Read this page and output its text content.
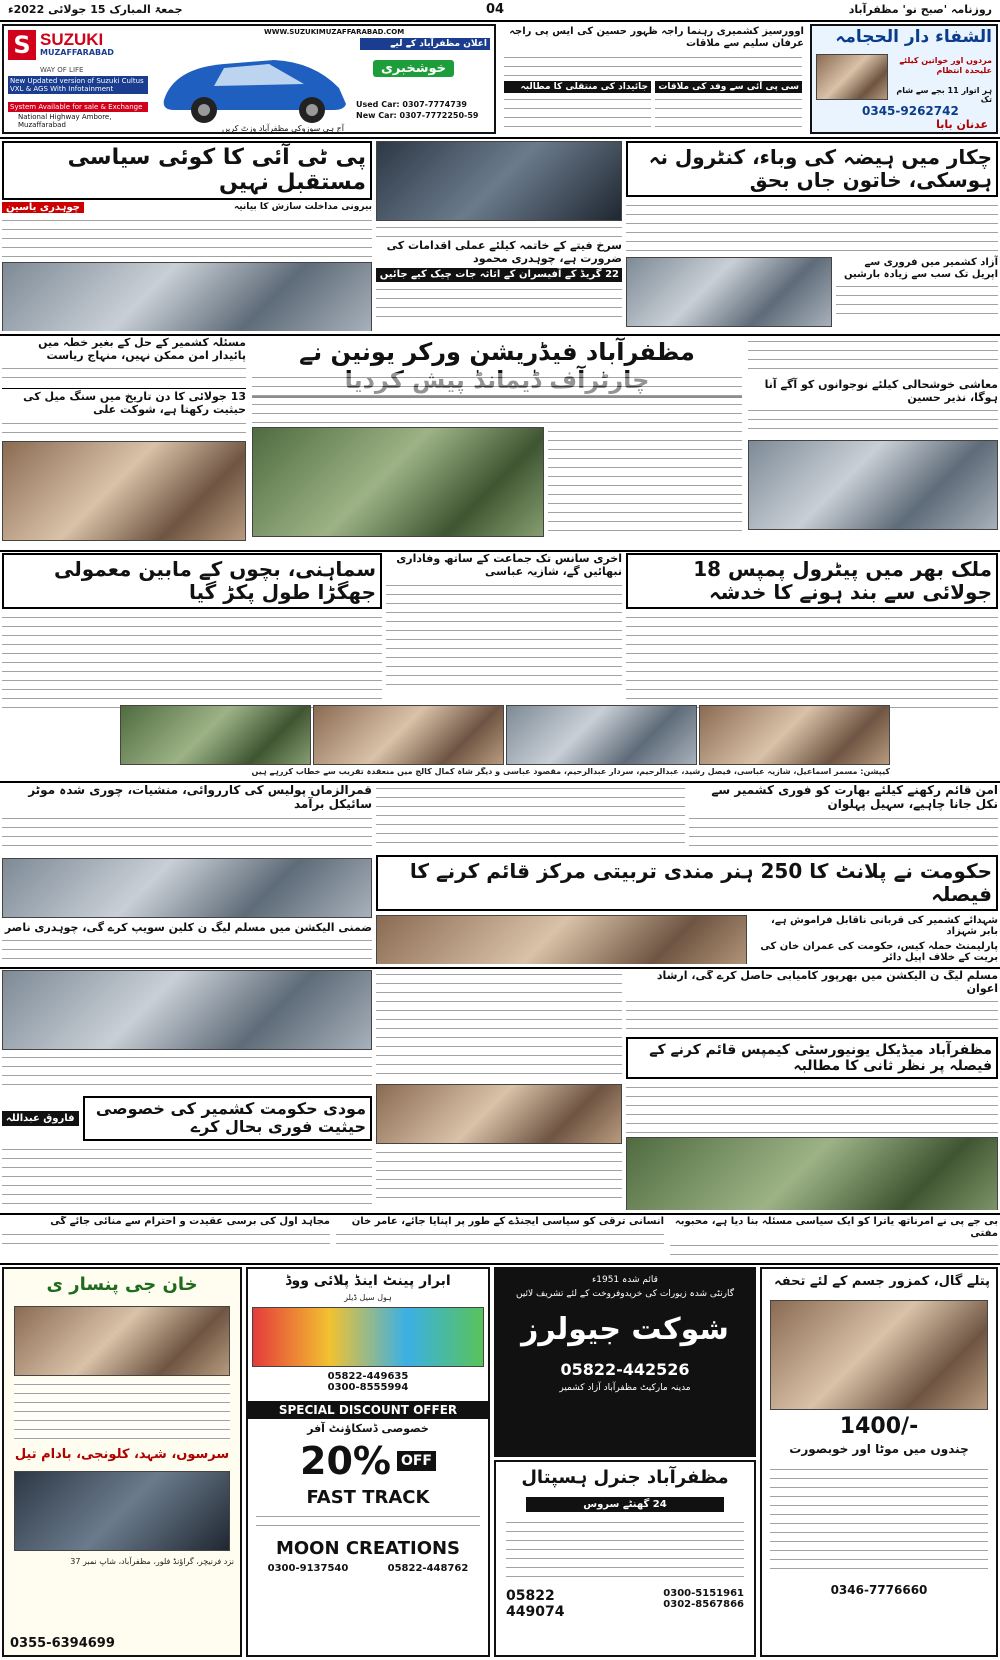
جمعۃ المبارک 15 جولائی 2022ء	04	روزنامہ 'صبح نو' مظفرآباد
S SUZUKI
MUZAFFARABAD
WAY OF LIFE
New Updated version of Suzuki Cultus VXL & AGS With Infotainment
System Available for sale & Exchange
National Highway Ambore, Muzaffarabad
WWW.SUZUKIMUZAFFARABAD.COM
اعلان مظفرآباد کے لیے
خوشخبری
Used Car: 0307-7774739
New Car: 0307-7772250-59
آج ہی سوزوکی مظفرآباد وزٹ کریں
اوورسیز کشمیری رہنما راجہ ظہور حسین کی ایس پی راجہ عرفان سلیم سے ملاقات
جائیداد کی منتقلی کا مطالبہ	سی پی آئی سے وفد کی ملاقات
الشفاء دار الحجامہ
مردوں اور خواتین کیلئے علیحدہ انتظام
ہر اتوار 11 بجے سے شام تک
0345-9262742
عدنان بابا
پی ٹی آئی کا کوئی سیاسی مستقبل نہیں
چوہدری یاسین	بیرونی مداخلت سازش کا بیانیہ
سرخ فیتے کے خاتمہ کیلئے عملی اقدامات کی ضرورت ہے، چوہدری محمود
22 گریڈ کے آفیسران کے اثاثہ جات چیک کیے جائیں
چکار میں ہیضہ کی وباء، کنٹرول نہ ہوسکی، خاتون جاں بحق
آزاد کشمیر میں فروری سے اپریل تک سب سے زیادہ بارشیں
مظفرآباد فیڈریشن ورکر یونین نے
مسئلہ کشمیر کے حل کے بغیر خطہ میں پائیدار امن ممکن نہیں، منہاج ریاست
13 جولائی کا دن تاریخ میں سنگ میل کی حیثیت رکھتا ہے، شوکت علی
معاشی خوشحالی کیلئے نوجوانوں کو آگے آنا ہوگا، نذیر حسین
سماہنی، بچوں کے مابین معمولی جھگڑا طول پکڑ گیا
آخری سانس تک جماعت کے ساتھ وفاداری نبھائیں گے، شازیہ عباسی	ملک بھر میں پیٹرول پمپس 18 جولائی سے بند ہونے کا خدشہ
کیپشن: مسمر اسماعیل، شازیہ عباسی، فیصل رشید، عبدالرحیم، سردار عبدالرحیم، مقصود عباسی و دیگر شاہ کمال کالج میں منعقدہ تقریب سے خطاب کررہے ہیں
قمرالزماں پولیس کی کارروائی، منشیات، چوری شدہ موٹر سائیکل برآمد
ضمنی الیکشن میں مسلم لیگ ن کلین سویپ کرے گی، چوہدری ناصر
امن قائم رکھنے کیلئے بھارت کو فوری کشمیر سے نکل جانا چاہیے، سہیل پہلوان
حکومت نے پلانٹ کا 250 ہنر مندی تربیتی مرکز قائم کرنے کا فیصلہ
شہدائے کشمیر کی قربانی ناقابل فراموش ہے، بابر شہزاد
پارلیمنٹ حملہ کیس، حکومت کی عمران خان کی بریت کے خلاف اپیل دائر
فاروق عبداللہ
مودی حکومت کشمیر کی خصوصی حیثیت فوری بحال کرے
مسلم لیگ ن الیکشن میں بھرپور کامیابی حاصل کرے گی، ارشاد اعوان
مظفرآباد میڈیکل یونیورسٹی کیمپس قائم کرنے کے فیصلہ پر نظر ثانی کا مطالبہ
مجاہد اول کی برسی عقیدت و احترام سے منائی جائے گی	انسانی ترقی کو سیاسی ایجنڈے کے طور پر اپنایا جائے، عامر خان	بی جے پی نے امرناتھ یاترا کو ایک سیاسی مسئلہ بنا دیا ہے، محبوبہ مفتی
خان جی پنسار ی
سرسوں، شہد، کلونجی، بادام تیل
نزد فرنیچر، گراؤنڈ فلور، مظفرآباد، شاپ نمبر 37
0355-6394699
ابرار پینٹ اینڈ پلائی ووڈ
ہول سیل ڈیلر
05822-449635
0300-8555994
SPECIAL DISCOUNT OFFER
خصوصی ڈسکاؤنٹ آفر
20% OFF
FAST TRACK
MOON CREATIONS
0300-9137540	05822-448762
قائم شدہ 1951ء
گارنٹی شدہ زیورات کی خریدوفروخت کے لئے تشریف لائیں
شوکت جیولرز
05822-442526
مدینہ مارکیٹ مظفرآباد آزاد کشمیر
مظفرآباد جنرل ہسپتال
24 گھنٹے سروس
05822
449074
0300-5151961
0302-8567866
پتلے گال، کمزور جسم کے لئے تحفہ
1400/-
چندوں میں موٹا اور خوبصورت
0346-7776660
